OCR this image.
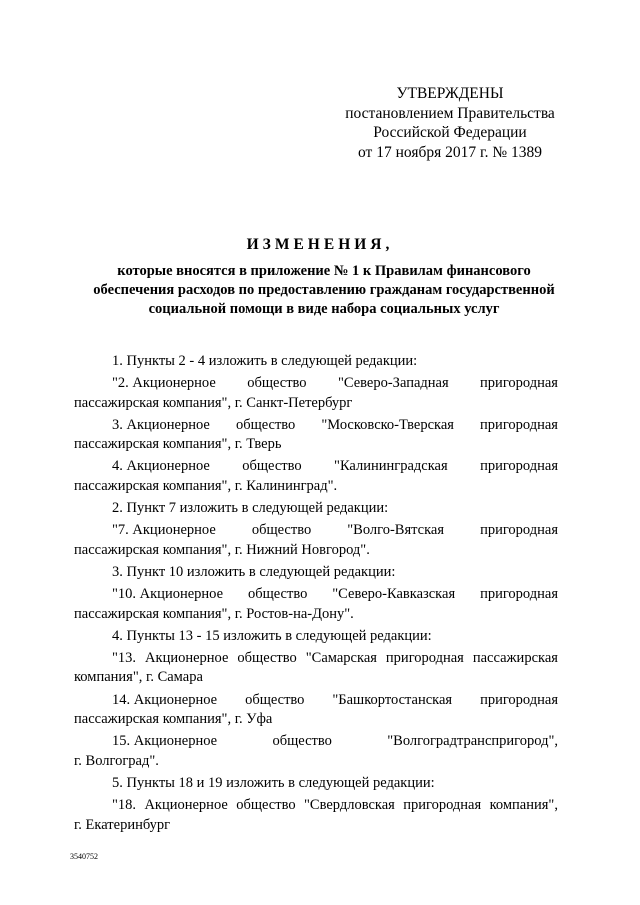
УТВЕРЖДЕНЫ
постановлением Правительства
Российской Федерации
от 17 ноября 2017 г. № 1389
ИЗМЕНЕНИЯ,
которые вносятся в приложение № 1 к Правилам финансового
обеспечения расходов по предоставлению гражданам государственной
социальной помощи в виде набора социальных услуг
1. Пункты 2 - 4 изложить в следующей редакции:
"2. Акционерное общество "Северо-Западная пригородная
пассажирская компания", г. Санкт-Петербург
3. Акционерное общество "Московско-Тверская пригородная
пассажирская компания", г. Тверь
4. Акционерное общество "Калининградская пригородная
пассажирская компания", г. Калининград".
2. Пункт 7 изложить в следующей редакции:
"7. Акционерное общество "Волго-Вятская пригородная
пассажирская компания", г. Нижний Новгород".
3. Пункт 10 изложить в следующей редакции:
"10. Акционерное общество "Северо-Кавказская пригородная
пассажирская компания", г. Ростов-на-Дону".
4. Пункты 13 - 15 изложить в следующей редакции:
"13. Акционерное общество "Самарская пригородная пассажирская
компания", г. Самара
14. Акционерное общество "Башкортостанская пригородная
пассажирская компания", г. Уфа
15. Акционерное	общество	"Волгоградтранспригород",
г. Волгоград".
5. Пункты 18 и 19 изложить в следующей редакции:
"18. Акционерное общество "Свердловская пригородная компания",
г. Екатеринбург
3540752
